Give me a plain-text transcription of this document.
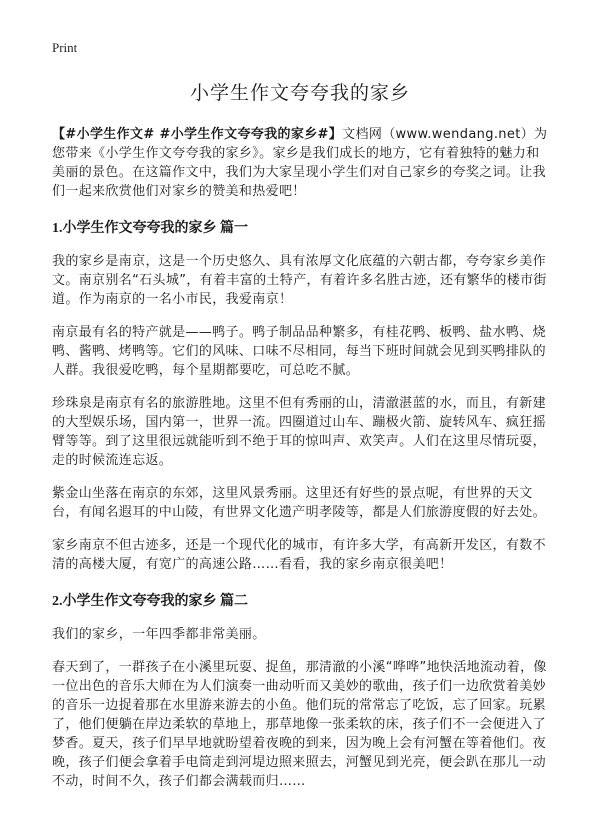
Print
小学生作文夸夸我的家乡

【#小学生作文# #小学生作文夸夸我的家乡#】文档网（www.wendang.net）为您带来《小学生作文夸夸我的家乡》。家乡是我们成长的地方，它有着独特的魅力和美丽的景色。在这篇作文中，我们为大家呈现小学生们对自己家乡的夸奖之词。让我们一起来欣赏他们对家乡的赞美和热爱吧！

1.小学生作文夸夸我的家乡 篇一

我的家乡是南京，这是一个历史悠久、具有浓厚文化底蕴的六朝古都，夸夸家乡美作文。南京别名“石头城”，有着丰富的土特产，有着许多名胜古迹，还有繁华的楼市街道。作为南京的一名小市民，我爱南京！

南京最有名的特产就是——鸭子。鸭子制品品种繁多，有桂花鸭、板鸭、盐水鸭、烧鸭、酱鸭、烤鸭等。它们的风味、口味不尽相同，每当下班时间就会见到买鸭排队的人群。我很爱吃鸭，每个星期都要吃，可总吃不腻。

珍珠泉是南京有名的旅游胜地。这里不但有秀丽的山，清澈湛蓝的水，而且，有新建的大型娱乐场，国内第一，世界一流。四圈道过山车、蹦极火箭、旋转风车、疯狂摇臂等等。到了这里很远就能听到不绝于耳的惊叫声、欢笑声。人们在这里尽情玩耍，走的时候流连忘返。

紫金山坐落在南京的东郊，这里风景秀丽。这里还有好些的景点呢，有世界的天文台，有闻名遐耳的中山陵，有世界文化遗产明孝陵等，都是人们旅游度假的好去处。

家乡南京不但古迹多，还是一个现代化的城市，有许多大学，有高新开发区，有数不清的高楼大厦，有宽广的高速公路……看看，我的家乡南京很美吧！

2.小学生作文夸夸我的家乡 篇二

我们的家乡，一年四季都非常美丽。

春天到了，一群孩子在小溪里玩耍、捉鱼，那清澈的小溪“哗哗”地快活地流动着，像一位出色的音乐大师在为人们演奏一曲动听而又美妙的歌曲，孩子们一边欣赏着美妙的音乐一边捉着那在水里游来游去的小鱼。他们玩的常常忘了吃饭，忘了回家。玩累了，他们便躺在岸边柔软的草地上，那草地像一张柔软的床，孩子们不一会便进入了梦香。夏天，孩子们早早地就盼望着夜晚的到来，因为晚上会有河蟹在等着他们。夜晚，孩子们便会拿着手电筒走到河堤边照来照去，河蟹见到光亮，便会趴在那儿一动不动，时间不久，孩子们都会满载而归……
